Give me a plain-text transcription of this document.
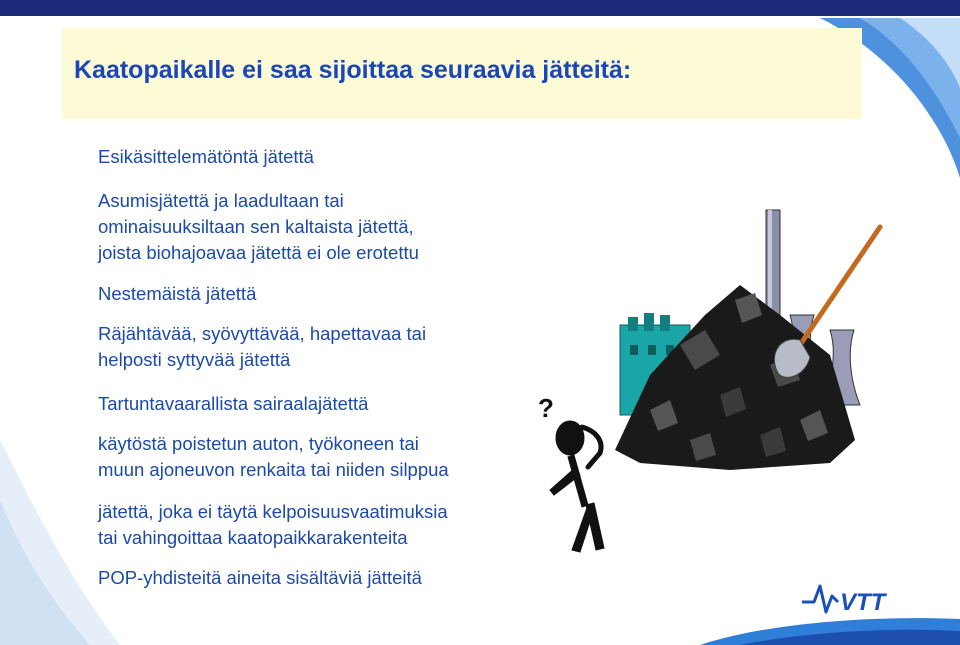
Kaatopaikalle ei saa sijoittaa seuraavia jätteitä:
Esikäsittelemätöntä jätettä
Asumisjätettä ja laadultaan tai
ominaisuuksiltaan sen kaltaista jätettä,
joista biohajoavaa jätettä ei ole erotettu
Nestemäistä jätettä
Räjähtävää, syövyttävää, hapettavaa tai
helposti syttyvää jätettä
Tartuntavaarallista sairaalajätettä
käytöstä poistetun auton, työkoneen tai
muun ajoneuvon renkaita tai niiden silppua
jätettä, joka ei täytä kelpoisuusvaatimuksia
tai vahingoittaa kaatopaikkarakenteita
POP-yhdisteitä aineita sisältäviä jätteitä
?
VTT
